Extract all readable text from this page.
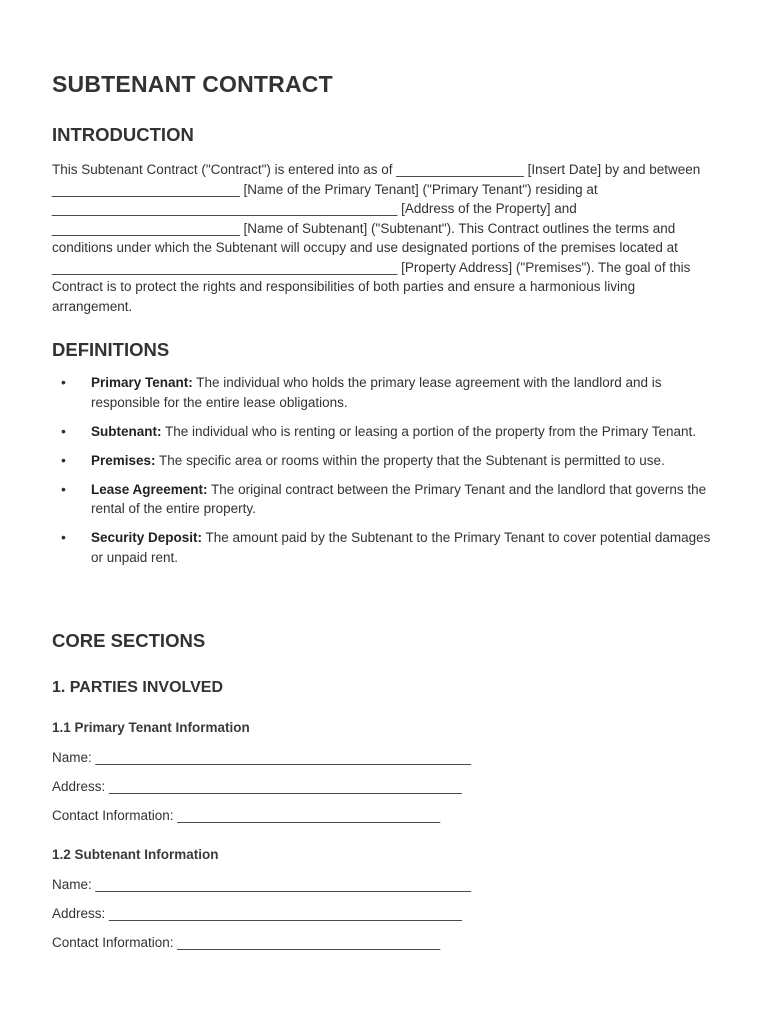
SUBTENANT CONTRACT
INTRODUCTION

This Subtenant Contract ("Contract") is entered into as of _________________ [Insert Date] by and between _________________________ [Name of the Primary Tenant] ("Primary Tenant") residing at ______________________________________________ [Address of the Property] and _________________________ [Name of Subtenant] ("Subtenant"). This Contract outlines the terms and conditions under which the Subtenant will occupy and use designated portions of the premises located at ______________________________________________ [Property Address] ("Premises"). The goal of this Contract is to protect the rights and responsibilities of both parties and ensure a harmonious living arrangement.

DEFINITIONS
• Primary Tenant: The individual who holds the primary lease agreement with the landlord and is responsible for the entire lease obligations.
• Subtenant: The individual who is renting or leasing a portion of the property from the Primary Tenant.
• Premises: The specific area or rooms within the property that the Subtenant is permitted to use.
• Lease Agreement: The original contract between the Primary Tenant and the landlord that governs the rental of the entire property.
• Security Deposit: The amount paid by the Subtenant to the Primary Tenant to cover potential damages or unpaid rent.
CORE SECTIONS
1. PARTIES INVOLVED
1.1 Primary Tenant Information

Name: __________________________________________________

Address: _______________________________________________

Contact Information: ___________________________________

1.2 Subtenant Information

Name: __________________________________________________

Address: _______________________________________________

Contact Information: ___________________________________
